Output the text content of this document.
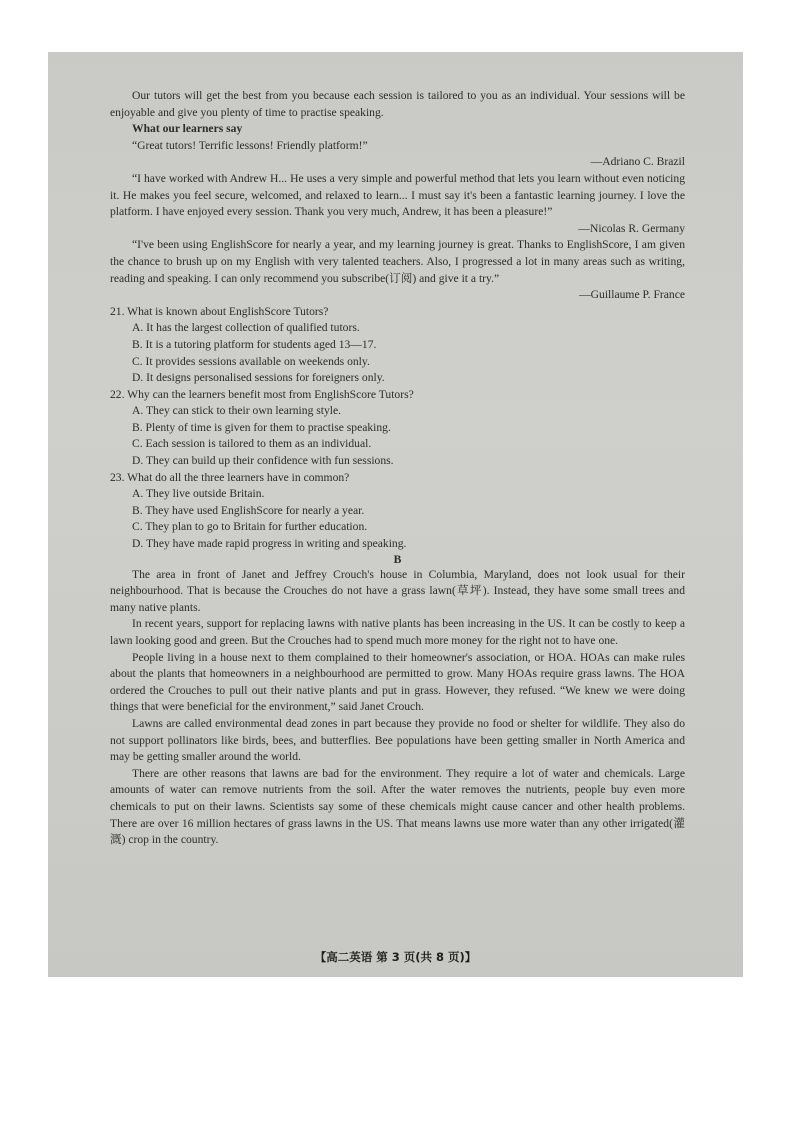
Our tutors will get the best from you because each session is tailored to you as an individual. Your sessions will be enjoyable and give you plenty of time to practise speaking.

What our learners say

“Great tutors! Terrific lessons! Friendly platform!”

—Adriano C. Brazil

“I have worked with Andrew H... He uses a very simple and powerful method that lets you learn without even noticing it. He makes you feel secure, welcomed, and relaxed to learn... I must say it's been a fantastic learning journey. I love the platform. I have enjoyed every session. Thank you very much, Andrew, it has been a pleasure!”

—Nicolas R. Germany

“I've been using EnglishScore for nearly a year, and my learning journey is great. Thanks to EnglishScore, I am given the chance to brush up on my English with very talented teachers. Also, I progressed a lot in many areas such as writing, reading and speaking. I can only recommend you subscribe(订阅) and give it a try.”

—Guillaume P. France

21. What is known about EnglishScore Tutors?

A. It has the largest collection of qualified tutors.

B. It is a tutoring platform for students aged 13—17.

C. It provides sessions available on weekends only.

D. It designs personalised sessions for foreigners only.

22. Why can the learners benefit most from EnglishScore Tutors?

A. They can stick to their own learning style.

B. Plenty of time is given for them to practise speaking.

C. Each session is tailored to them as an individual.

D. They can build up their confidence with fun sessions.

23. What do all the three learners have in common?

A. They live outside Britain.

B. They have used EnglishScore for nearly a year.

C. They plan to go to Britain for further education.

D. They have made rapid progress in writing and speaking.

B

The area in front of Janet and Jeffrey Crouch's house in Columbia, Maryland, does not look usual for their neighbourhood. That is because the Crouches do not have a grass lawn(草坪). Instead, they have some small trees and many native plants.

In recent years, support for replacing lawns with native plants has been increasing in the US. It can be costly to keep a lawn looking good and green. But the Crouches had to spend much more money for the right not to have one.

People living in a house next to them complained to their homeowner's association, or HOA. HOAs can make rules about the plants that homeowners in a neighbourhood are permitted to grow. Many HOAs require grass lawns. The HOA ordered the Crouches to pull out their native plants and put in grass. However, they refused. “We knew we were doing things that were beneficial for the environment,” said Janet Crouch.

Lawns are called environmental dead zones in part because they provide no food or shelter for wildlife. They also do not support pollinators like birds, bees, and butterflies. Bee populations have been getting smaller in North America and may be getting smaller around the world.

There are other reasons that lawns are bad for the environment. They require a lot of water and chemicals. Large amounts of water can remove nutrients from the soil. After the water removes the nutrients, people buy even more chemicals to put on their lawns. Scientists say some of these chemicals might cause cancer and other health problems. There are over 16 million hectares of grass lawns in the US. That means lawns use more water than any other irrigated(灌溉) crop in the country.

【高二英语 第 3 页(共 8 页)】
